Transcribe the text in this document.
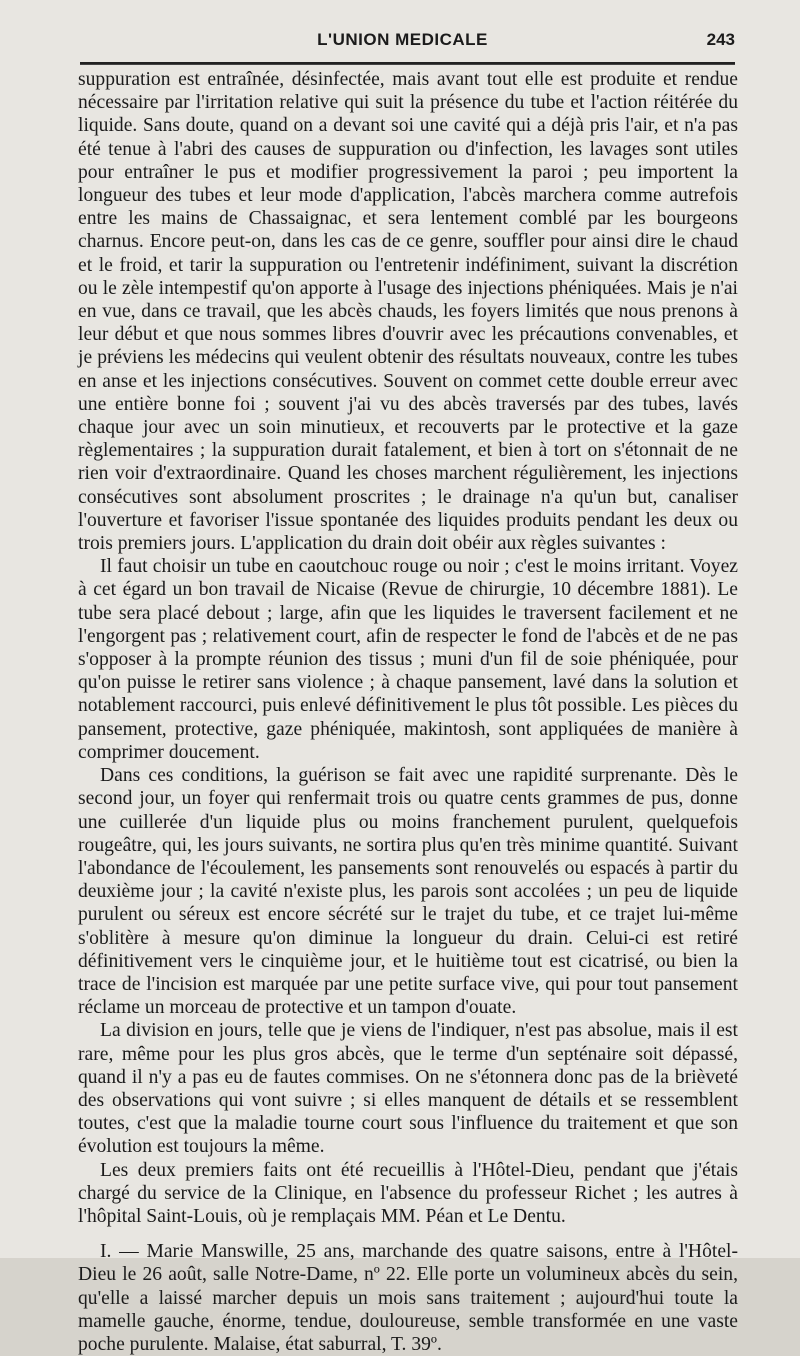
L'UNION MEDICALE	243

suppuration est entraînée, désinfectée, mais avant tout elle est produite et rendue nécessaire par l'irritation relative qui suit la présence du tube et l'action réitérée du liquide. Sans doute, quand on a devant soi une cavité qui a déjà pris l'air, et n'a pas été tenue à l'abri des causes de suppuration ou d'infection, les lavages sont utiles pour entraîner le pus et modifier progressivement la paroi ; peu importent la longueur des tubes et leur mode d'application, l'abcès marchera comme autrefois entre les mains de Chassaignac, et sera lentement comblé par les bourgeons charnus. Encore peut-on, dans les cas de ce genre, souffler pour ainsi dire le chaud et le froid, et tarir la suppuration ou l'entretenir indéfiniment, suivant la discrétion ou le zèle intempestif qu'on apporte à l'usage des injections phéniquées. Mais je n'ai en vue, dans ce travail, que les abcès chauds, les foyers limités que nous prenons à leur début et que nous sommes libres d'ouvrir avec les précautions convenables, et je préviens les médecins qui veulent obtenir des résultats nouveaux, contre les tubes en anse et les injections consécutives. Souvent on commet cette double erreur avec une entière bonne foi ; souvent j'ai vu des abcès traversés par des tubes, lavés chaque jour avec un soin minutieux, et recouverts par le protective et la gaze règlementaires ; la suppuration durait fatalement, et bien à tort on s'étonnait de ne rien voir d'extraordinaire. Quand les choses marchent régulièrement, les injections consécutives sont absolument proscrites ; le drainage n'a qu'un but, canaliser l'ouverture et favoriser l'issue spontanée des liquides produits pendant les deux ou trois premiers jours. L'application du drain doit obéir aux règles suivantes :

Il faut choisir un tube en caoutchouc rouge ou noir ; c'est le moins irritant. Voyez à cet égard un bon travail de Nicaise (Revue de chirurgie, 10 décembre 1881). Le tube sera placé debout ; large, afin que les liquides le traversent facilement et ne l'engorgent pas ; relativement court, afin de respecter le fond de l'abcès et de ne pas s'opposer à la prompte réunion des tissus ; muni d'un fil de soie phéniquée, pour qu'on puisse le retirer sans violence ; à chaque pansement, lavé dans la solution et notablement raccourci, puis enlevé définitivement le plus tôt possible. Les pièces du pansement, protective, gaze phéniquée, makintosh, sont appliquées de manière à comprimer doucement.

Dans ces conditions, la guérison se fait avec une rapidité surprenante. Dès le second jour, un foyer qui renfermait trois ou quatre cents grammes de pus, donne une cuillerée d'un liquide plus ou moins franchement purulent, quelquefois rougeâtre, qui, les jours suivants, ne sortira plus qu'en très minime quantité. Suivant l'abondance de l'écoulement, les pansements sont renouvelés ou espacés à partir du deuxième jour ; la cavité n'existe plus, les parois sont accolées ; un peu de liquide purulent ou séreux est encore sécrété sur le trajet du tube, et ce trajet lui-même s'oblitère à mesure qu'on diminue la longueur du drain. Celui-ci est retiré définitivement vers le cinquième jour, et le huitième tout est cicatrisé, ou bien la trace de l'incision est marquée par une petite surface vive, qui pour tout pansement réclame un morceau de protective et un tampon d'ouate.

La division en jours, telle que je viens de l'indiquer, n'est pas absolue, mais il est rare, même pour les plus gros abcès, que le terme d'un septénaire soit dépassé, quand il n'y a pas eu de fautes commises. On ne s'étonnera donc pas de la brièveté des observations qui vont suivre ; si elles manquent de détails et se ressemblent toutes, c'est que la maladie tourne court sous l'influence du traitement et que son évolution est toujours la même.

Les deux premiers faits ont été recueillis à l'Hôtel-Dieu, pendant que j'étais chargé du service de la Clinique, en l'absence du professeur Richet ; les autres à l'hôpital Saint-Louis, où je remplaçais MM. Péan et Le Dentu.

I. — Marie Manswille, 25 ans, marchande des quatre saisons, entre à l'Hôtel-Dieu le 26 août, salle Notre-Dame, nº 22. Elle porte un volumineux abcès du sein, qu'elle a laissé marcher depuis un mois sans traitement ; aujourd'hui toute la mamelle gauche, énorme, tendue, douloureuse, semble transformée en une vaste poche purulente. Malaise, état saburral, T. 39º.
